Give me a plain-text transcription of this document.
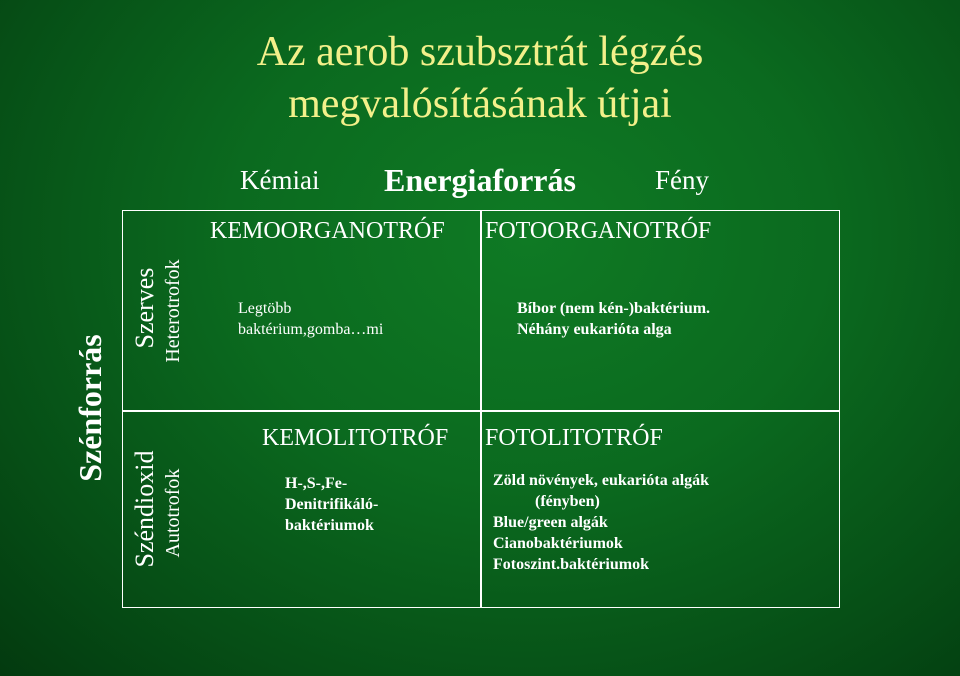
Az aerob szubsztrát légzés
megvalósításának útjai
Kémiai Energiaforrás	Fény
Szénforrás
Szerves Heterotrofok
Széndioxid Autotrofok
KEMOORGANOTRÓF
Legtöbb
baktérium,gomba…mi
FOTOORGANOTRÓF
Bíbor (nem kén-)baktérium.
Néhány eukarióta alga
KEMOLITOTRÓF
H-,S-,Fe-
Denitrifikáló-
baktériumok
FOTOLITOTRÓF
Zöld növények, eukarióta algák
(fényben)
Blue/green algák
Cianobaktériumok
Fotoszint.baktériumok
